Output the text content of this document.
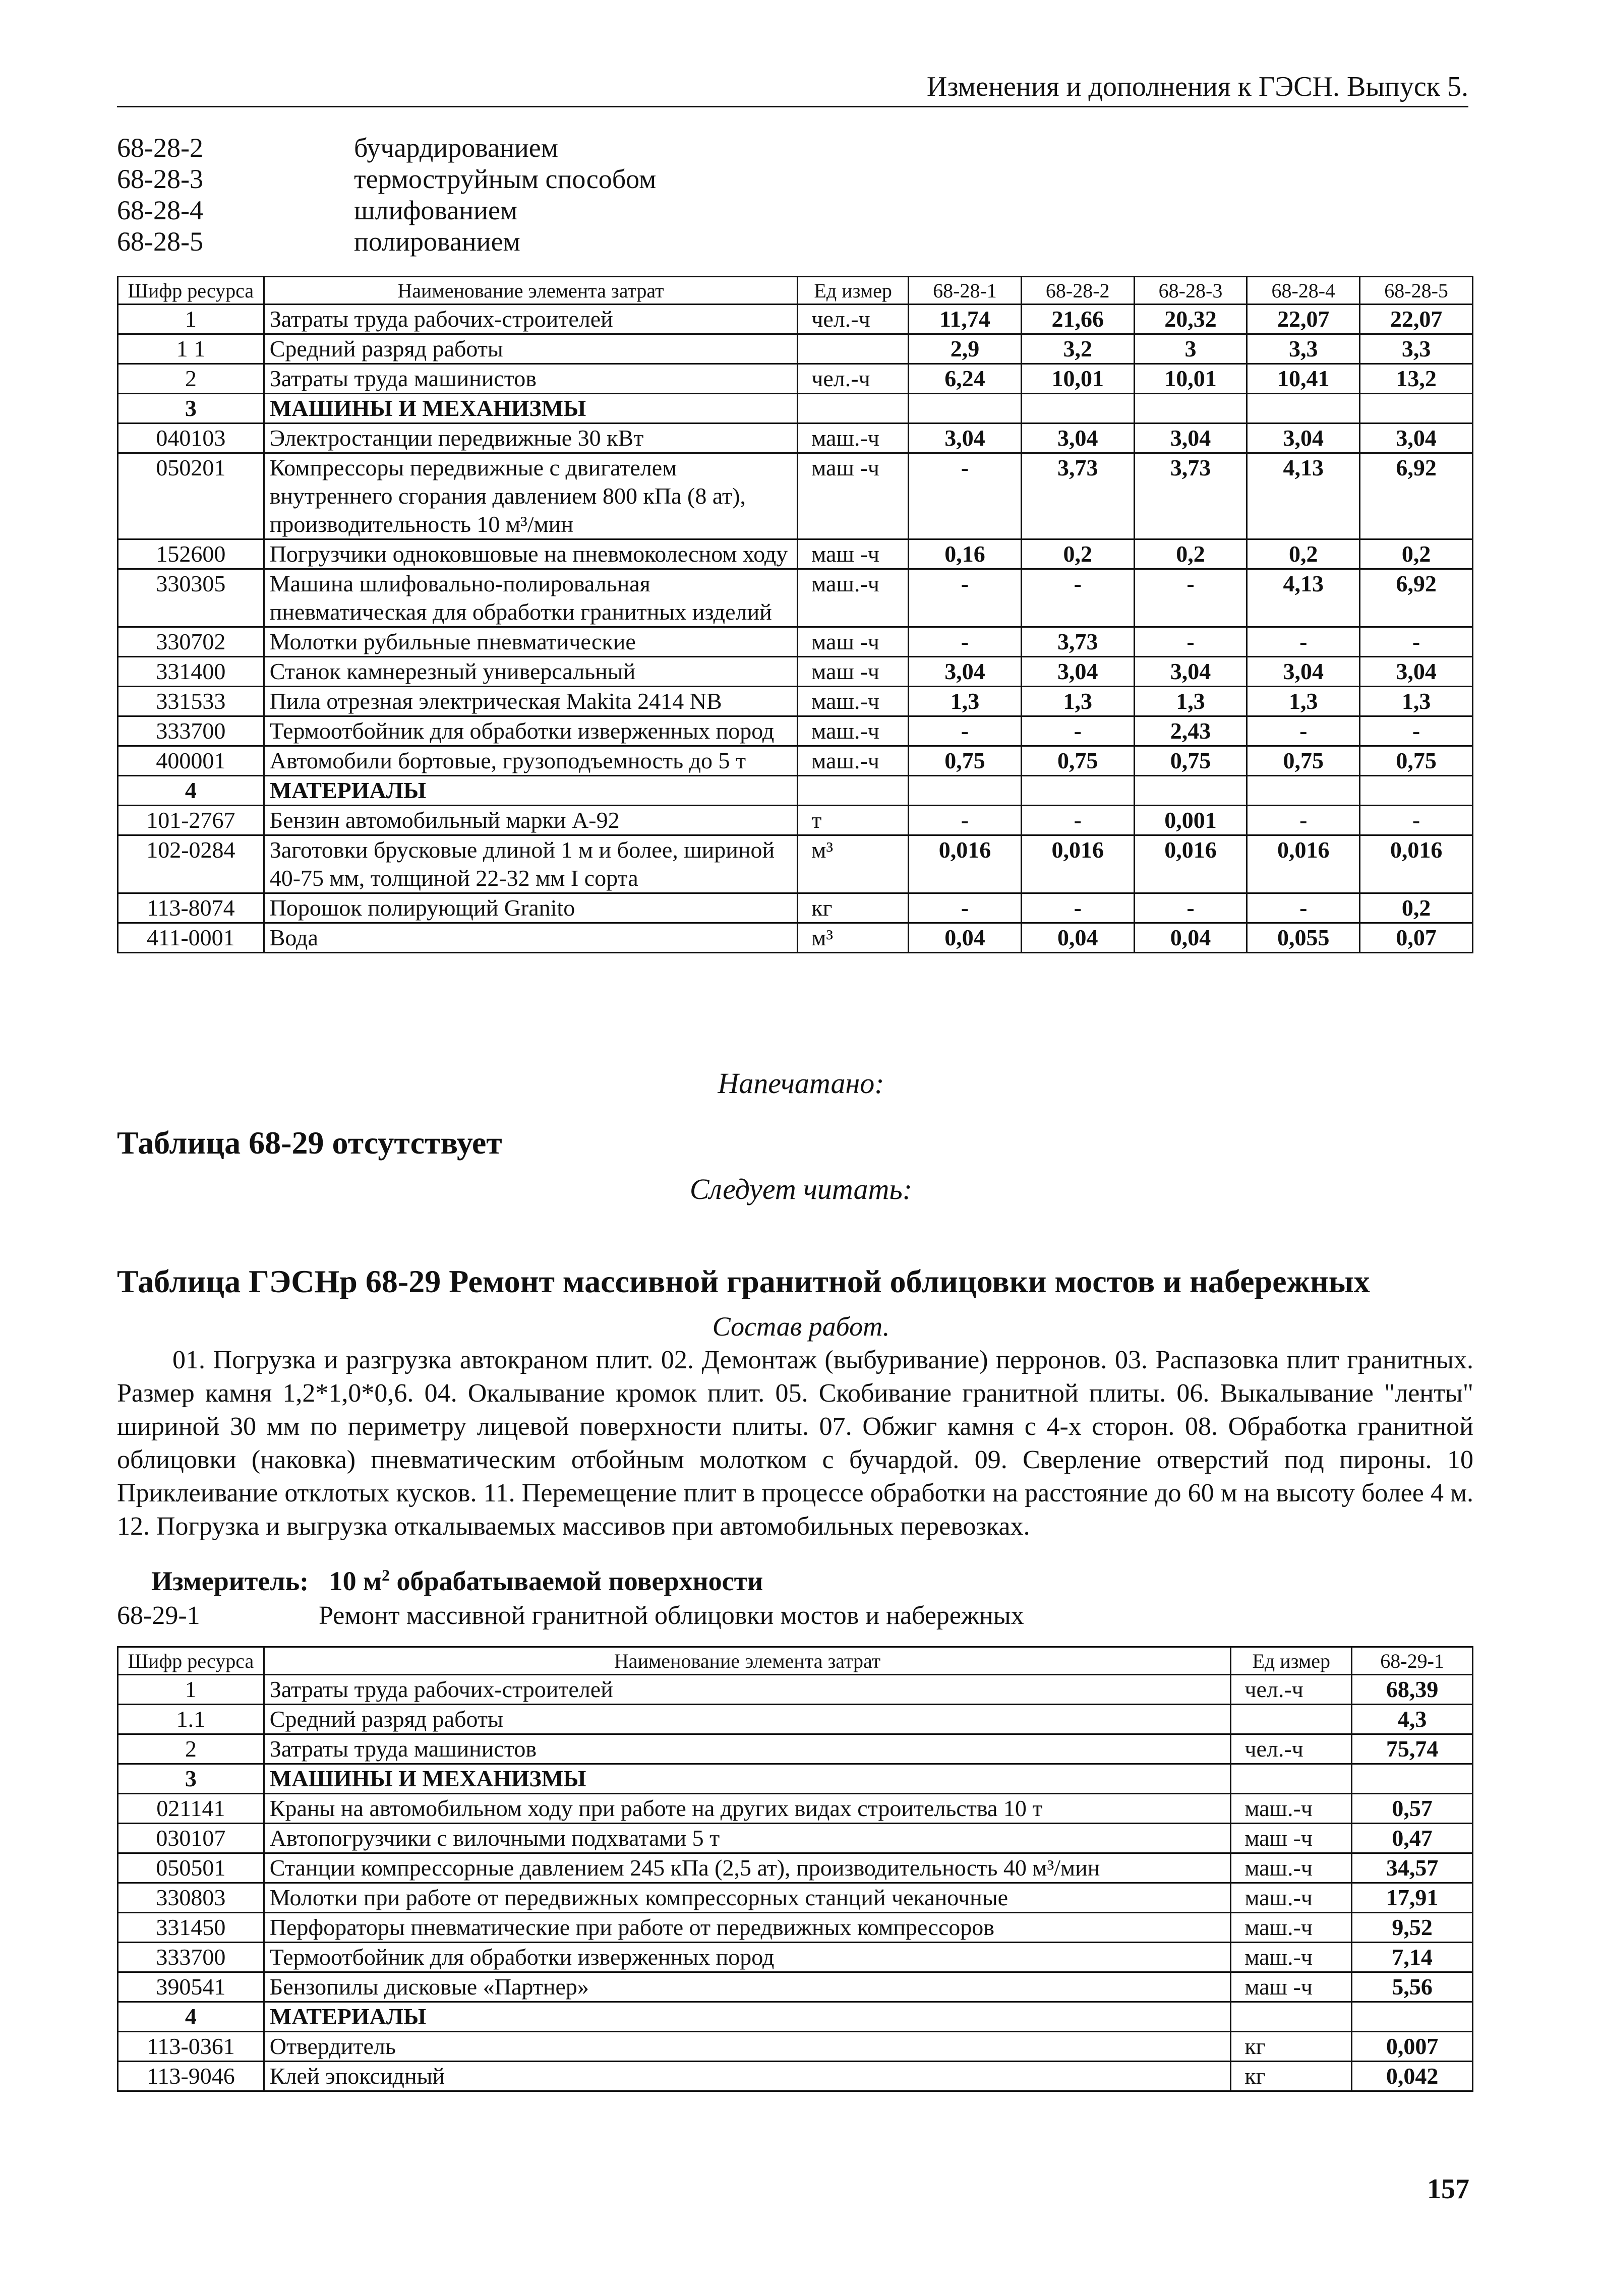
Изменения и дополнения к ГЭСН. Выпуск 5.
68-28-2	бучардированием
68-28-3	термоструйным способом
68-28-4	шлифованием
68-28-5	полированием
Шифр ресурса	Наименование элемента затрат	Ед измер	68-28-1	68-28-2	68-28-3	68-28-4	68-28-5
1	Затраты труда рабочих-строителей	чел.-ч	11,74	21,66	20,32	22,07	22,07
1 1	Средний разряд работы		2,9	3,2	3	3,3	3,3
2	Затраты труда машинистов	чел.-ч	6,24	10,01	10,01	10,41	13,2
3	МАШИНЫ И МЕХАНИЗМЫ						
040103	Электростанции передвижные 30 кВт	маш.-ч	3,04	3,04	3,04	3,04	3,04
050201	Компрессоры передвижные с двигателем внутреннего сгорания давлением 800 кПа (8 ат), производительность 10 м³/мин	маш -ч	-	3,73	3,73	4,13	6,92
152600	Погрузчики одноковшовые на пневмоколесном ходу	маш -ч	0,16	0,2	0,2	0,2	0,2
330305	Машина шлифовально-полировальная пневматическая для обработки гранитных изделий	маш.-ч	-	-	-	4,13	6,92
330702	Молотки рубильные пневматические	маш -ч	-	3,73	-	-	-
331400	Станок камнерезный универсальный	маш -ч	3,04	3,04	3,04	3,04	3,04
331533	Пила отрезная электрическая Makita 2414 NB	маш.-ч	1,3	1,3	1,3	1,3	1,3
333700	Термоотбойник для обработки изверженных пород	маш.-ч	-	-	2,43	-	-
400001	Автомобили бортовые, грузоподъемность до 5 т	маш.-ч	0,75	0,75	0,75	0,75	0,75
4	МАТЕРИАЛЫ						
101-2767	Бензин автомобильный марки А-92	т	-	-	0,001	-	-
102-0284	Заготовки брусковые длиной 1 м и более, шириной 40-75 мм, толщиной 22-32 мм I сорта	м³	0,016	0,016	0,016	0,016	0,016
113-8074	Порошок полирующий Granito	кг	-	-	-	-	0,2
411-0001	Вода	м³	0,04	0,04	0,04	0,055	0,07
Напечатано:
Таблица 68-29 отсутствует
Следует читать:
Таблица ГЭСНр 68-29 Ремонт массивной гранитной облицовки мостов и набережных
Состав работ.
01. Погрузка и разгрузка автокраном плит. 02. Демонтаж (выбуривание) перронов. 03. Распазовка плит гранитных. Размер камня 1,2*1,0*0,6. 04. Окалывание кромок плит. 05. Скобивание гранитной плиты. 06. Выкалывание "ленты" шириной 30 мм по периметру лицевой поверхности плиты. 07. Обжиг камня с 4-х сторон. 08. Обработка гранитной облицовки (наковка) пневматическим отбойным молотком с бучардой. 09. Сверление отверстий под пироны. 10 Приклеивание отклотых кусков. 11. Перемещение плит в процессе обработки на расстояние до 60 м на высоту более 4 м. 12. Погрузка и выгрузка откалываемых массивов при автомобильных перевозках.
Измеритель: 10 $м^2$ обрабатываемой поверхности
68-29-1	Ремонт массивной гранитной облицовки мостов и набережных
Шифр ресурса	Наименование элемента затрат	Ед измер	68-29-1
1	Затраты труда рабочих-строителей	чел.-ч	68,39
1.1	Средний разряд работы		4,3
2	Затраты труда машинистов	чел.-ч	75,74
3	МАШИНЫ И МЕХАНИЗМЫ		
021141	Краны на автомобильном ходу при работе на других видах строительства 10 т	маш.-ч	0,57
030107	Автопогрузчики с вилочными подхватами 5 т	маш -ч	0,47
050501	Станции компрессорные давлением 245 кПа (2,5 ат), производительность 40 м³/мин	маш.-ч	34,57
330803	Молотки при работе от передвижных компрессорных станций чеканочные	маш.-ч	17,91
331450	Перфораторы пневматические при работе от передвижных компрессоров	маш.-ч	9,52
333700	Термоотбойник для обработки изверженных пород	маш.-ч	7,14
390541	Бензопилы дисковые «Партнер»	маш -ч	5,56
4	МАТЕРИАЛЫ		
113-0361	Отвердитель	кг	0,007
113-9046	Клей эпоксидный	кг	0,042
157
